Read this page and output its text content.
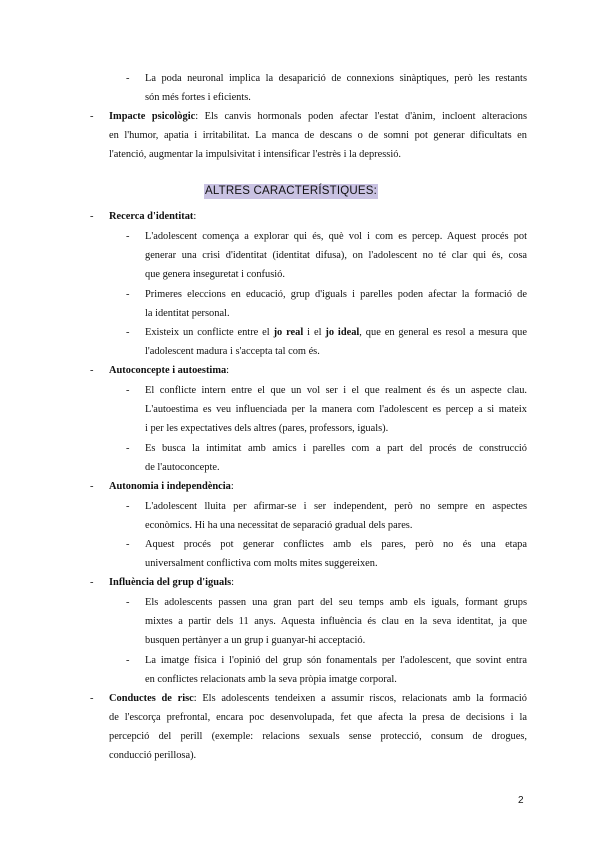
- La poda neuronal implica la desaparició de connexions sinàptiques, però les restants
són més fortes i eficients.
- Impacte psicològic: Els canvis hormonals poden afectar l'estat d'ànim, incloent alteracions
en l'humor, apatia i irritabilitat. La manca de descans o de somni pot generar dificultats en
l'atenció, augmentar la impulsivitat i intensificar l'estrès i la depressió.
ALTRES CARACTERÍSTIQUES:
- Recerca d'identitat:
- L'adolescent comença a explorar qui és, què vol i com es percep. Aquest procés pot
generar una crisi d'identitat (identitat difusa), on l'adolescent no té clar qui és, cosa
que genera inseguretat i confusió.
- Primeres eleccions en educació, grup d'iguals i parelles poden afectar la formació de
la identitat personal.
- Existeix un conflicte entre el jo real i el jo ideal, que en general es resol a mesura que
l'adolescent madura i s'accepta tal com és.
- Autoconcepte i autoestima:
- El conflicte intern entre el que un vol ser i el que realment és és un aspecte clau.
L'autoestima es veu influenciada per la manera com l'adolescent es percep a si mateix
i per les expectatives dels altres (pares, professors, iguals).
- Es busca la intimitat amb amics i parelles com a part del procés de construcció
de l'autoconcepte.
- Autonomia i independència:
- L'adolescent lluita per afirmar-se i ser independent, però no sempre en aspectes
econòmics. Hi ha una necessitat de separació gradual dels pares.
- Aquest procés pot generar conflictes amb els pares, però no és una etapa
universalment conflictiva com molts mites suggereixen.
- Influència del grup d'iguals:
- Els adolescents passen una gran part del seu temps amb els iguals, formant grups
mixtes a partir dels 11 anys. Aquesta influència és clau en la seva identitat, ja que
busquen pertànyer a un grup i guanyar-hi acceptació.
- La imatge física i l'opinió del grup són fonamentals per l'adolescent, que sovint entra
en conflictes relacionats amb la seva pròpia imatge corporal.
- Conductes de risc: Els adolescents tendeixen a assumir riscos, relacionats amb la formació
de l'escorça prefrontal, encara poc desenvolupada, fet que afecta la presa de decisions i la
percepció del perill (exemple: relacions sexuals sense protecció, consum de drogues,
conducció perillosa).
2
